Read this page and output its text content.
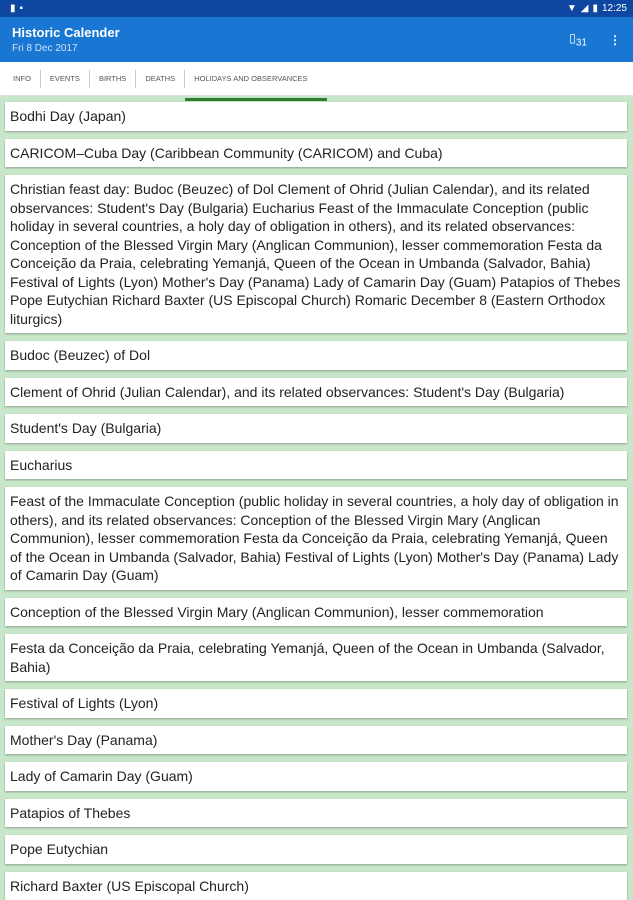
▮ ▪	▼ ◢ ▮ 12:25
Historic Calender
Fri 8 Dec 2017
$▯_{31}$ ⋮
INFO	EVENTS	BIRTHS	DEATHS	HOLIDAYS AND OBSERVANCES
Bodhi Day (Japan)
CARICOM–Cuba Day (Caribbean Community (CARICOM) and Cuba)
Christian feast day: Budoc (Beuzec) of Dol Clement of Ohrid (Julian Calendar), and its related observances: Student's Day (Bulgaria) Eucharius Feast of the Immaculate Conception (public holiday in several countries, a holy day of obligation in others), and its related observances: Conception of the Blessed Virgin Mary (Anglican Communion), lesser commemoration Festa da Conceição da Praia, celebrating Yemanjá, Queen of the Ocean in Umbanda (Salvador, Bahia) Festival of Lights (Lyon) Mother's Day (Panama) Lady of Camarin Day (Guam) Patapios of Thebes Pope Eutychian Richard Baxter (US Episcopal Church) Romaric December 8 (Eastern Orthodox liturgics)
Budoc (Beuzec) of Dol
Clement of Ohrid (Julian Calendar), and its related observances: Student's Day (Bulgaria)
Student's Day (Bulgaria)
Eucharius
Feast of the Immaculate Conception (public holiday in several countries, a holy day of obligation in others), and its related observances: Conception of the Blessed Virgin Mary (Anglican Communion), lesser commemoration Festa da Conceição da Praia, celebrating Yemanjá, Queen of the Ocean in Umbanda (Salvador, Bahia) Festival of Lights (Lyon) Mother's Day (Panama) Lady of Camarin Day (Guam)
Conception of the Blessed Virgin Mary (Anglican Communion), lesser commemoration
Festa da Conceição da Praia, celebrating Yemanjá, Queen of the Ocean in Umbanda (Salvador, Bahia)
Festival of Lights (Lyon)
Mother's Day (Panama)
Lady of Camarin Day (Guam)
Patapios of Thebes
Pope Eutychian
Richard Baxter (US Episcopal Church)
